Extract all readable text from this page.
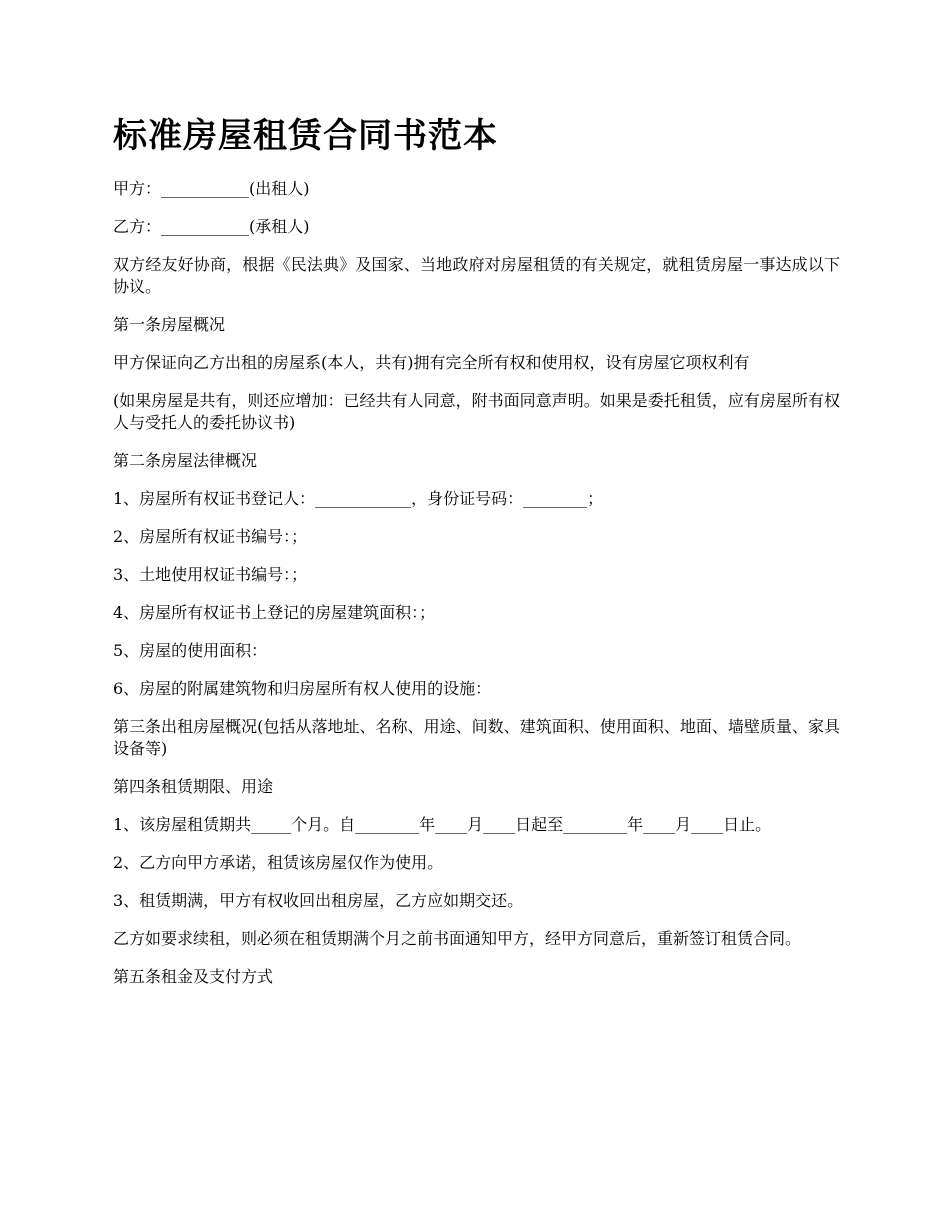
标准房屋租赁合同书范本

甲方：___________(出租人)

乙方：___________(承租人)

双方经友好协商，根据《民法典》及国家、当地政府对房屋租赁的有关规定，就租赁房屋一事达成以下协议。

第一条房屋概况

甲方保证向乙方出租的房屋系(本人，共有)拥有完全所有权和使用权，设有房屋它项权利有

(如果房屋是共有，则还应增加：已经共有人同意，附书面同意声明。如果是委托租赁，应有房屋所有权人与受托人的委托协议书)

第二条房屋法律概况

1、房屋所有权证书登记人：____________，身份证号码：________；

2、房屋所有权证书编号：；

3、土地使用权证书编号：；

4、房屋所有权证书上登记的房屋建筑面积：；

5、房屋的使用面积：

6、房屋的附属建筑物和归房屋所有权人使用的设施：

第三条出租房屋概况(包括从落地址、名称、用途、间数、建筑面积、使用面积、地面、墙壁质量、家具设备等)

第四条租赁期限、用途

1、该房屋租赁期共_____个月。自________年____月____日起至________年____月____日止。

2、乙方向甲方承诺，租赁该房屋仅作为使用。

3、租赁期满，甲方有权收回出租房屋，乙方应如期交还。

乙方如要求续租，则必须在租赁期满个月之前书面通知甲方，经甲方同意后，重新签订租赁合同。

第五条租金及支付方式
